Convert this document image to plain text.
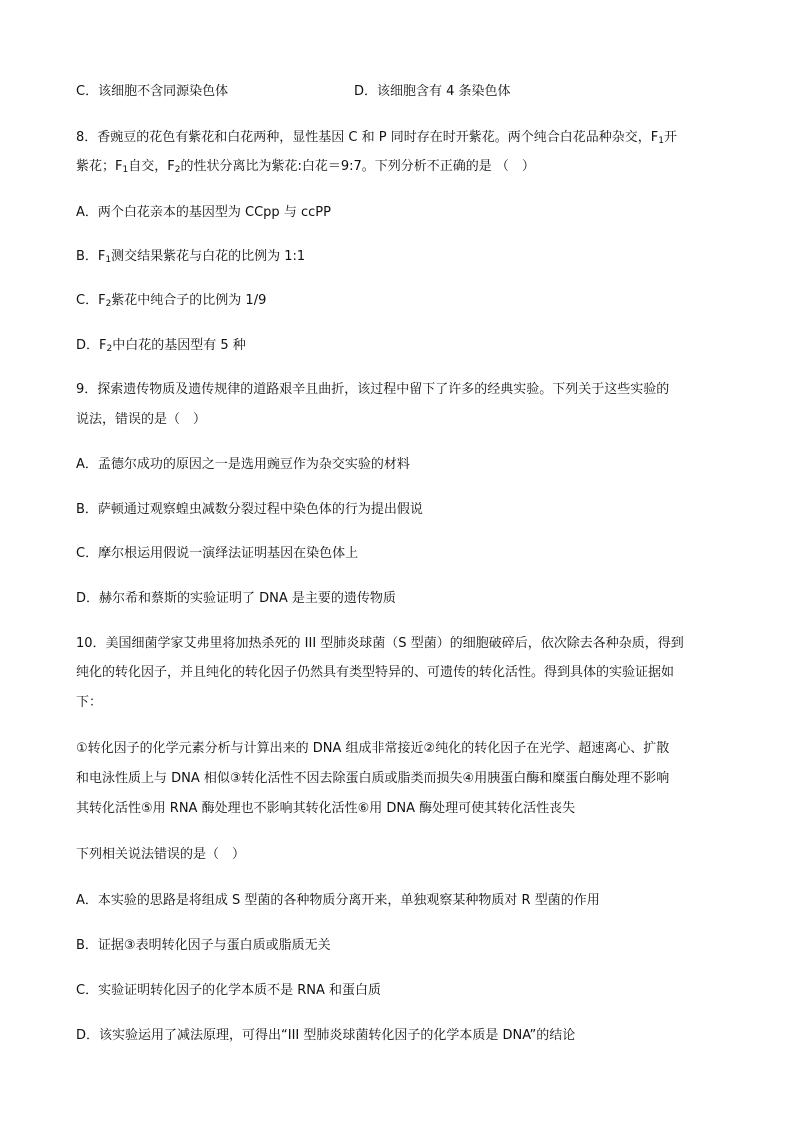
C．该细胞不含同源染色体	D．该细胞含有 4 条染色体
8．香豌豆的花色有紫花和白花两种，显性基因 C 和 P 同时存在时开紫花。两个纯合白花品种杂交，$F_1$开
紫花；$F_1$自交，$F_2$的性状分离比为紫花:白花＝9:7。下列分析不正确的是 （　）
A．两个白花亲本的基因型为 CCpp 与 ccPP
B．$F_1$测交结果紫花与白花的比例为 1:1
C．$F_2$紫花中纯合子的比例为 1/9
D．$F_2$中白花的基因型有 5 种
9．探索遗传物质及遗传规律的道路艰辛且曲折，该过程中留下了许多的经典实验。下列关于这些实验的
说法，错误的是（　）
A．孟德尔成功的原因之一是选用豌豆作为杂交实验的材料
B．萨顿通过观察蝗虫减数分裂过程中染色体的行为提出假说
C．摩尔根运用假说一演绎法证明基因在染色体上
D．赫尔希和蔡斯的实验证明了 DNA 是主要的遗传物质
10．美国细菌学家艾弗里将加热杀死的 III 型肺炎球菌（S 型菌）的细胞破碎后，依次除去各种杂质，得到
纯化的转化因子，并且纯化的转化因子仍然具有类型特异的、可遗传的转化活性。得到具体的实验证据如
下：
①转化因子的化学元素分析与计算出来的 DNA 组成非常接近②纯化的转化因子在光学、超速离心、扩散
和电泳性质上与 DNA 相似③转化活性不因去除蛋白质或脂类而损失④用胰蛋白酶和糜蛋白酶处理不影响
其转化活性⑤用 RNA 酶处理也不影响其转化活性⑥用 DNA 酶处理可使其转化活性丧失
下列相关说法错误的是（　）
A．本实验的思路是将组成 S 型菌的各种物质分离开来，单独观察某种物质对 R 型菌的作用
B．证据③表明转化因子与蛋白质或脂质无关
C．实验证明转化因子的化学本质不是 RNA 和蛋白质
D．该实验运用了减法原理，可得出“III 型肺炎球菌转化因子的化学本质是 DNA”的结论
